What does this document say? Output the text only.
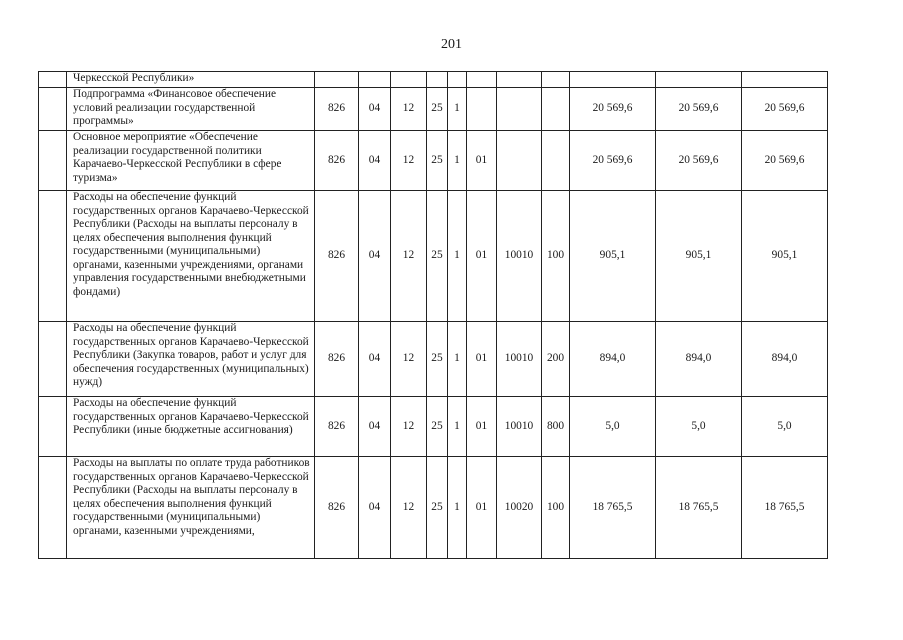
201
	Черкесской Республики»											
	Подпрограмма «Финансовое обеспечение условий реализации государственной программы»	826	04	12	25	1				20 569,6	20 569,6	20 569,6
	Основное мероприятие «Обеспечение реализации государственной политики Карачаево-Черкесской Республики в сфере туризма»	826	04	12	25	1	01			20 569,6	20 569,6	20 569,6
	Расходы на обеспечение функций государственных органов Карачаево-Черкесской Республики (Расходы на выплаты персоналу в целях обеспечения выполнения функций государственными (муниципальными) органами, казенными учреждениями, органами управления государственными внебюджетными фондами)	826	04	12	25	1	01	10010	100	905,1	905,1	905,1
	Расходы на обеспечение функций государственных органов Карачаево-Черкесской Республики (Закупка товаров, работ и услуг для обеспечения государственных (муниципальных) нужд)	826	04	12	25	1	01	10010	200	894,0	894,0	894,0
	Расходы на обеспечение функций государственных органов Карачаево-Черкесской Республики (иные бюджетные ассигнования)	826	04	12	25	1	01	10010	800	5,0	5,0	5,0
	Расходы на выплаты по оплате труда работников государственных органов Карачаево-Черкесской Республики (Расходы на выплаты персоналу в целях обеспечения выполнения функций государственными (муниципальными) органами, казенными учреждениями,	826	04	12	25	1	01	10020	100	18 765,5	18 765,5	18 765,5
